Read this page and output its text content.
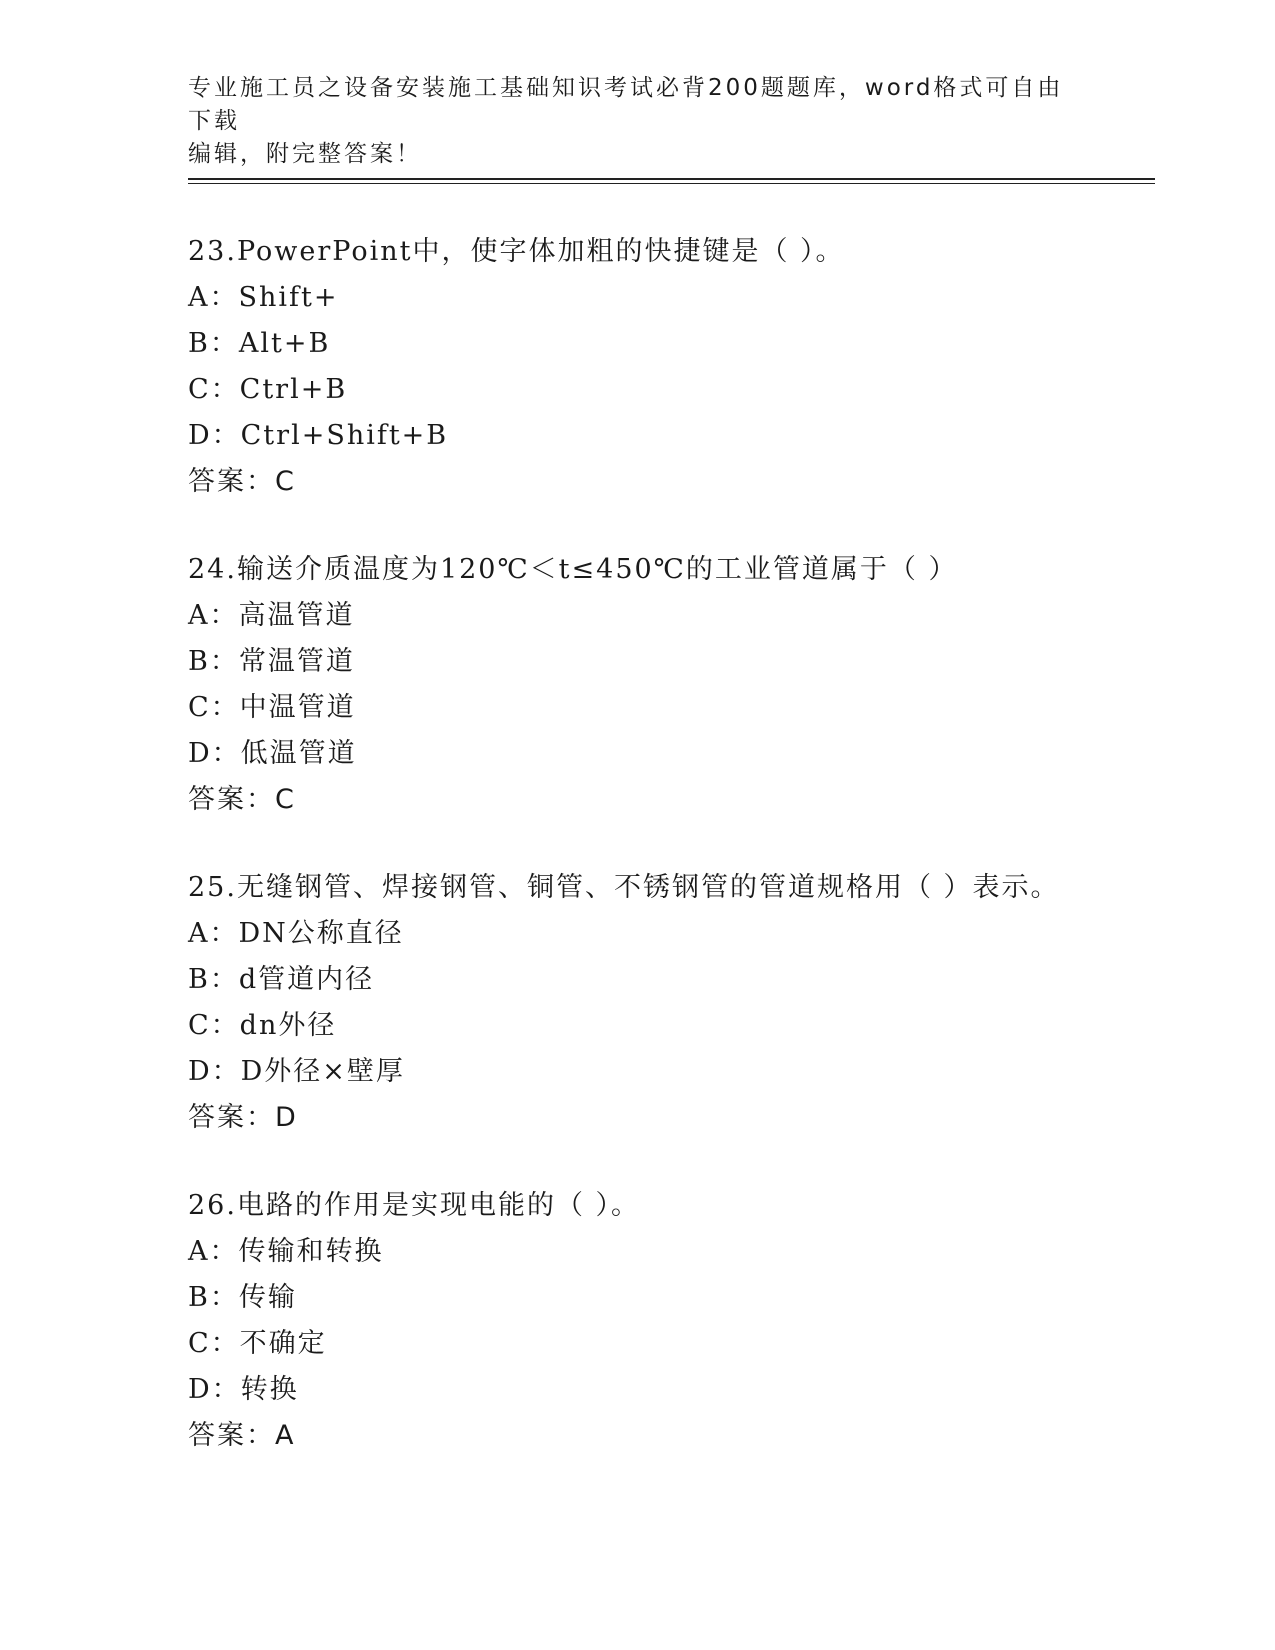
专业施工员之设备安装施工基础知识考试必背200题题库，word格式可自由下载
编辑，附完整答案！
23.PowerPoint中，使字体加粗的快捷键是（ ）。
A：Shift+
B：Alt+B
C：Ctrl+B
D：Ctrl+Shift+B
答案：C
24.输送介质温度为120℃＜t≤450℃的工业管道属于（ ）
A：高温管道
B：常温管道
C：中温管道
D：低温管道
答案：C
25.无缝钢管、焊接钢管、铜管、不锈钢管的管道规格用（ ）表示。
A：DN公称直径
B：d管道内径
C：dn外径
D：D外径×壁厚
答案：D
26.电路的作用是实现电能的（ ）。
A：传输和转换
B：传输
C：不确定
D：转换
答案：A
